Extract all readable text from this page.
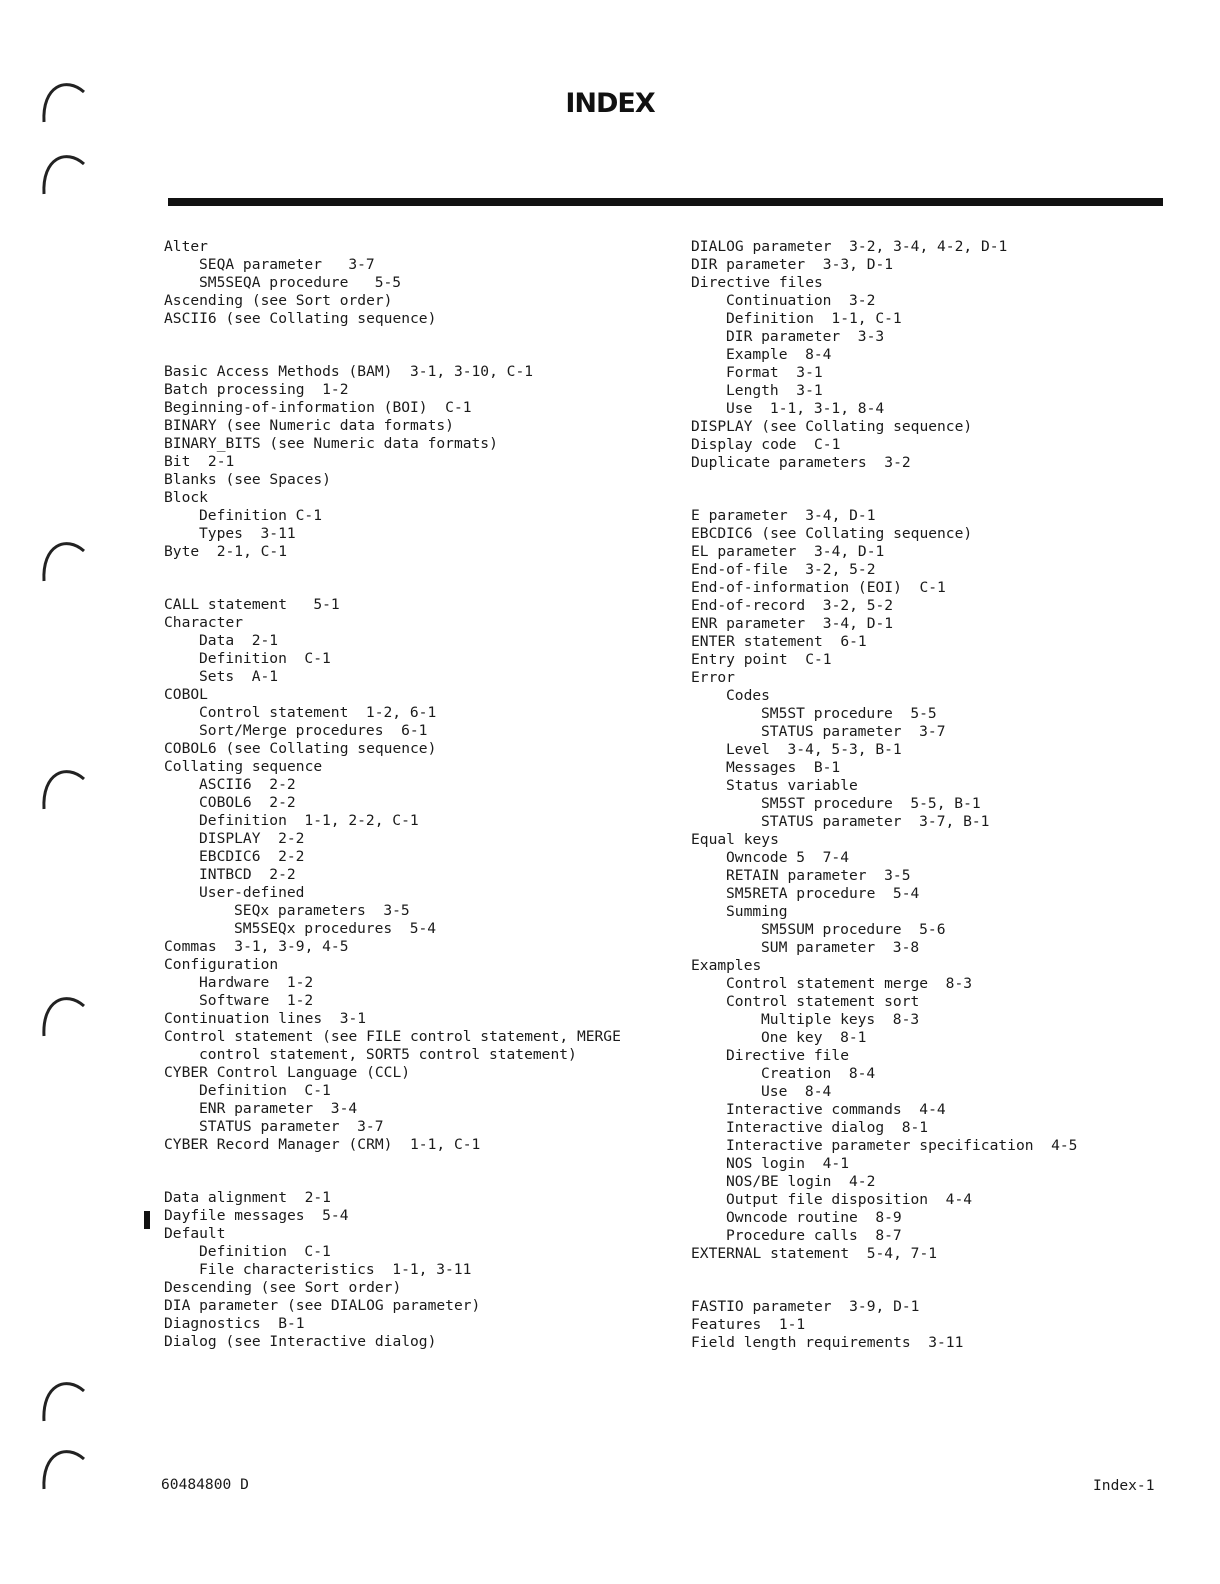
INDEX
Alter
SEQA parameter   3-7
SM5SEQA procedure   5-5
Ascending (see Sort order)
ASCII6 (see Collating sequence)
Basic Access Methods (BAM)  3-1, 3-10, C-1
Batch processing  1-2
Beginning-of-information (BOI)  C-1
BINARY (see Numeric data formats)
BINARY_BITS (see Numeric data formats)
Bit  2-1
Blanks (see Spaces)
Block
Definition C-1
Types  3-11
Byte  2-1, C-1
CALL statement   5-1
Character
Data  2-1
Definition  C-1
Sets  A-1
COBOL
Control statement  1-2, 6-1
Sort/Merge procedures  6-1
COBOL6 (see Collating sequence)
Collating sequence
ASCII6  2-2
COBOL6  2-2
Definition  1-1, 2-2, C-1
DISPLAY  2-2
EBCDIC6  2-2
INTBCD  2-2
User-defined
SEQx parameters  3-5
SM5SEQx procedures  5-4
Commas  3-1, 3-9, 4-5
Configuration
Hardware  1-2
Software  1-2
Continuation lines  3-1
Control statement (see FILE control statement, MERGE
control statement, SORT5 control statement)
CYBER Control Language (CCL)
Definition  C-1
ENR parameter  3-4
STATUS parameter  3-7
CYBER Record Manager (CRM)  1-1, C-1
Data alignment  2-1
Dayfile messages  5-4
Default
Definition  C-1
File characteristics  1-1, 3-11
Descending (see Sort order)
DIA parameter (see DIALOG parameter)
Diagnostics  B-1
Dialog (see Interactive dialog)
DIALOG parameter  3-2, 3-4, 4-2, D-1
DIR parameter  3-3, D-1
Directive files
Continuation  3-2
Definition  1-1, C-1
DIR parameter  3-3
Example  8-4
Format  3-1
Length  3-1
Use  1-1, 3-1, 8-4
DISPLAY (see Collating sequence)
Display code  C-1
Duplicate parameters  3-2
E parameter  3-4, D-1
EBCDIC6 (see Collating sequence)
EL parameter  3-4, D-1
End-of-file  3-2, 5-2
End-of-information (EOI)  C-1
End-of-record  3-2, 5-2
ENR parameter  3-4, D-1
ENTER statement  6-1
Entry point  C-1
Error
Codes
SM5ST procedure  5-5
STATUS parameter  3-7
Level  3-4, 5-3, B-1
Messages  B-1
Status variable
SM5ST procedure  5-5, B-1
STATUS parameter  3-7, B-1
Equal keys
Owncode 5  7-4
RETAIN parameter  3-5
SM5RETA procedure  5-4
Summing
SM5SUM procedure  5-6
SUM parameter  3-8
Examples
Control statement merge  8-3
Control statement sort
Multiple keys  8-3
One key  8-1
Directive file
Creation  8-4
Use  8-4
Interactive commands  4-4
Interactive dialog  8-1
Interactive parameter specification  4-5
NOS login  4-1
NOS/BE login  4-2
Output file disposition  4-4
Owncode routine  8-9
Procedure calls  8-7
EXTERNAL statement  5-4, 7-1
FASTIO parameter  3-9, D-1
Features  1-1
Field length requirements  3-11
60484800 D	Index-1
